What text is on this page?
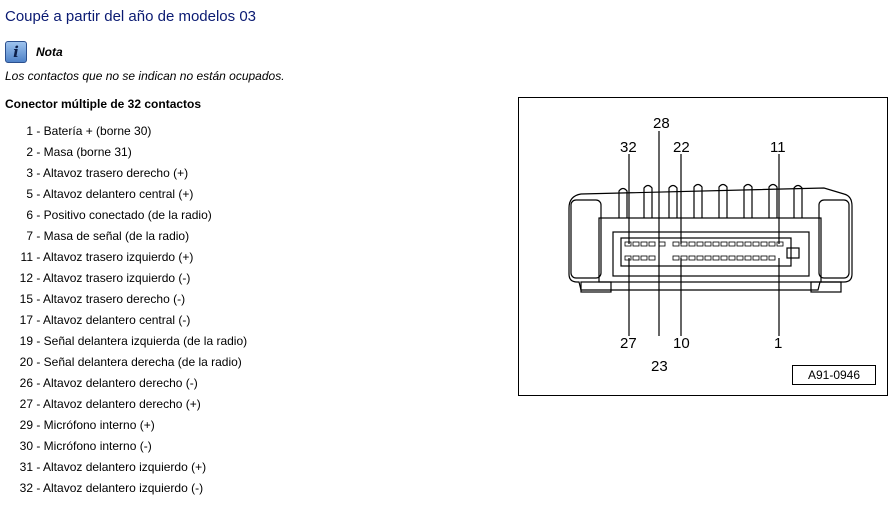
Coupé a partir del año de modelos 03
i	Nota
Los contactos que no se indican no están ocupados.
Conector múltiple de 32 contactos
1 - Batería + (borne 30)
2 - Masa (borne 31)
3 - Altavoz trasero derecho (+)
5 - Altavoz delantero central (+)
6 - Positivo conectado (de la radio)
7 - Masa de señal (de la radio)
11 - Altavoz trasero izquierdo (+)
12 - Altavoz trasero izquierdo (-)
15 - Altavoz trasero derecho (-)
17 - Altavoz delantero central (-)
19 - Señal delantera izquierda (de la radio)
20 - Señal delantera derecha (de la radio)
26 - Altavoz delantero derecho (-)
27 - Altavoz delantero derecho (+)
29 - Micrófono interno (+)
30 - Micrófono interno (-)
31 - Altavoz delantero izquierdo (+)
32 - Altavoz delantero izquierdo (-)
28
32 22	11
27 10	1
23	A91-0946
